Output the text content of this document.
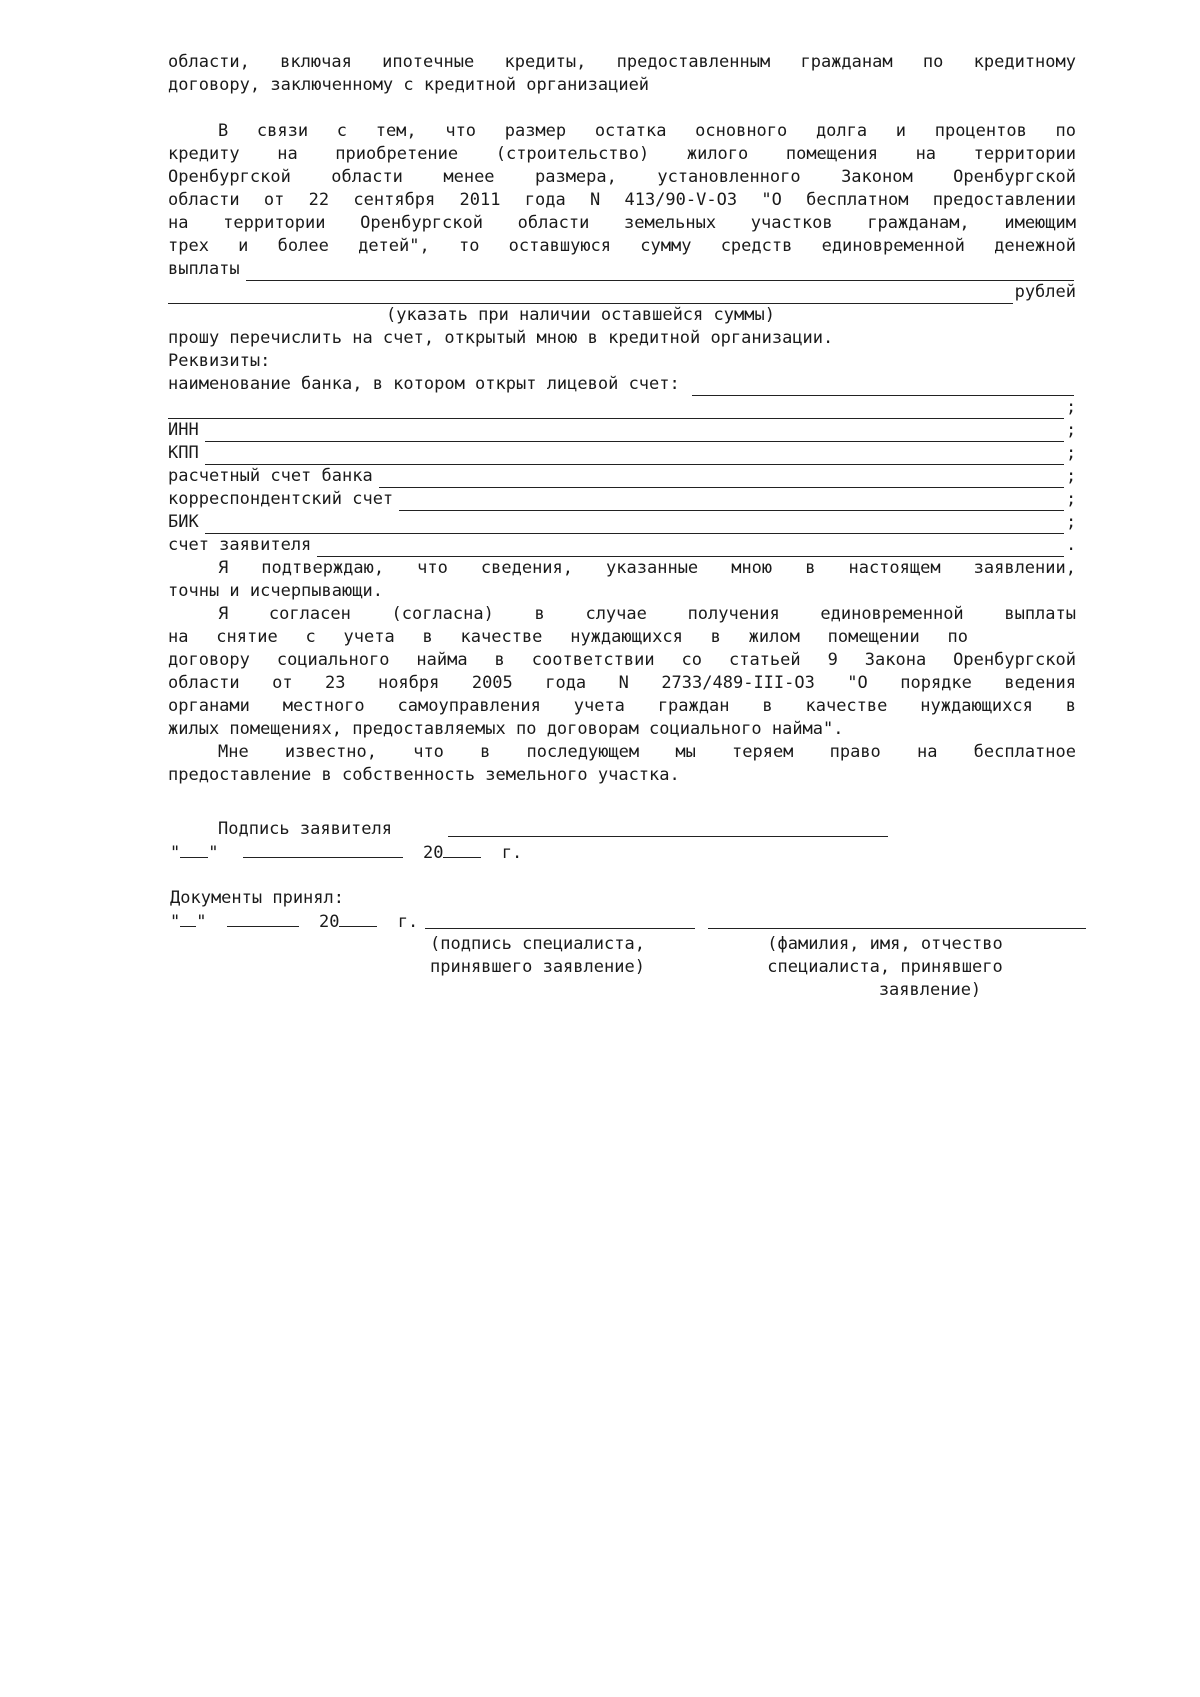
области, включая ипотечные кредиты, предоставленным гражданам по кредитному
договору, заключенному с кредитной организацией
В связи с тем, что размер остатка основного долга и процентов по
кредиту на приобретение (строительство) жилого помещения на территории
Оренбургской области менее размера, установленного Законом Оренбургской
области от 22 сентября 2011 года N 413/90-V-ОЗ "О бесплатном предоставлении
на территории Оренбургской области земельных участков гражданам, имеющим
трех и более детей", то оставшуюся сумму средств единовременной денежной
выплаты
рублей
(указать при наличии оставшейся суммы)
прошу перечислить на счет, открытый мною в кредитной организации.
Реквизиты:
наименование банка, в котором открыт лицевой счет:
;
ИНН	;
КПП	;
расчетный счет банка	;
корреспондентский счет	;
БИК	;
счет заявителя	.
Я подтверждаю, что сведения, указанные мною в настоящем заявлении,
точны и исчерпывающи.
Я согласен (согласна) в случае получения единовременной выплаты
на снятие с учета в качестве нуждающихся в жилом помещении по
договору социального найма в соответствии со статьей 9 Закона Оренбургской
области от 23 ноября 2005 года N 2733/489-III-ОЗ "О порядке ведения
органами местного самоуправления учета граждан в качестве нуждающихся в
жилых помещениях, предоставляемых по договорам социального найма".
Мне известно, что в последующем мы теряем право на бесплатное
предоставление в собственность земельного участка.
Подпись заявителя
" "	20	г.
Документы принял:
" "	20	г.
(подпись специалиста,
принявшего заявление)
(фамилия, имя, отчество
специалиста, принявшего
заявление)
